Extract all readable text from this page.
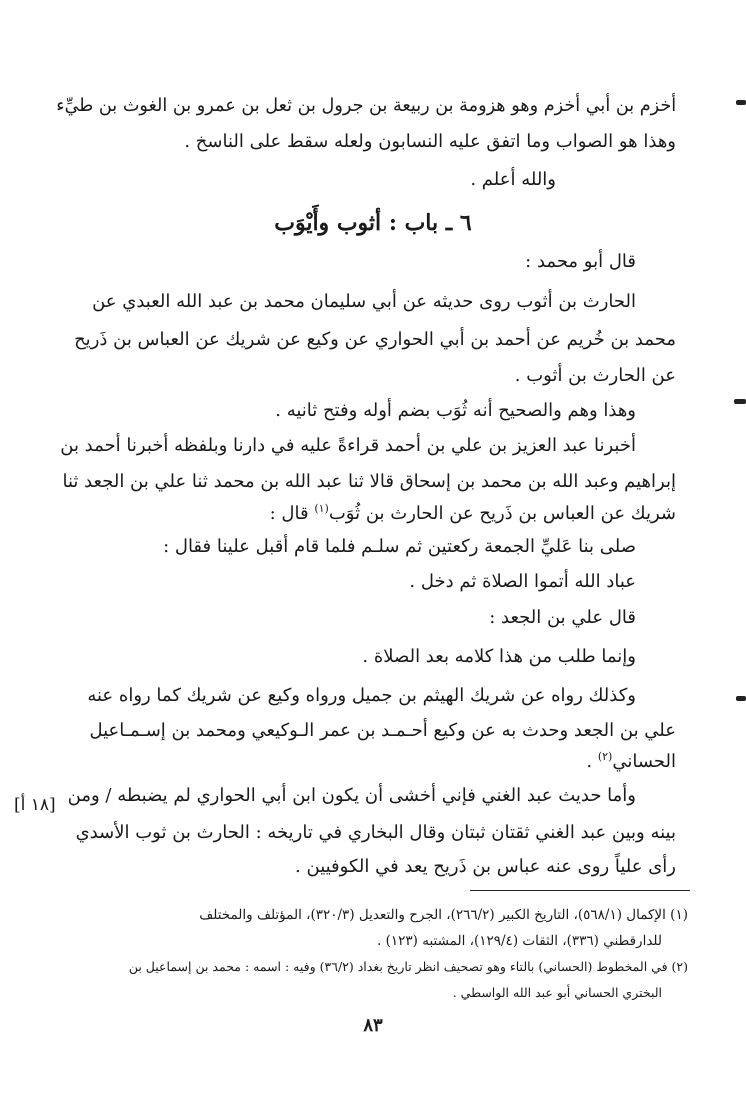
أخزم بن أبي أخزم وهو هزومة بن ربيعة بن جرول بن ثعل بن عمرو بن الغوث بن طيِّء
وهذا هو الصواب وما اتفق عليه النسابون ولعله سقط على الناسخ .
والله أعلم .
٦ ـ باب : أثوب وأَيْوَب
قال أبو محمد :
الحارث بن أثوب روى حديثه عن أبي سليمان محمد بن عبد الله العبدي عن
محمد بن خُريم عن أحمد بن أبي الحواري عن وكيع عن شريك عن العباس بن ذَريح
عن الحارث بن أثوب .
وهذا وهم والصحيح أنه ثُوَب بضم أوله وفتح ثانيه .
أخبرنا عبد العزيز بن علي بن أحمد قراءةً عليه في دارنا وبلفظه أخبرنا أحمد بن
إبراهيم وعبد الله بن محمد بن إسحاق قالا ثنا عبد الله بن محمد ثنا علي بن الجعد ثنا
شريك عن العباس بن ذَريح عن الحارث بن ثُوَب$^{(١)}$ قال :
صلى بنا عَليِّ الجمعة ركعتين ثم سلـم فلما قام أقبل علينا فقال :
عباد الله أتموا الصلاة ثم دخل .
قال علي بن الجعد :
وإنما طلب من هذا كلامه بعد الصلاة .
وكذلك رواه عن شريك الهيثم بن جميل ورواه وكيع عن شريك كما رواه عنه
علي بن الجعد وحدث به عن وكيع أحـمـد بن عمر الـوكيعي ومحمد بن إسـمـاعيل
الحساني$^{(٢)}$ .
وأما حديث عبد الغني فإني أخشى أن يكون ابن أبي الحواري لم يضبطه / ومن
بينه وبين عبد الغني ثقتان ثبتان وقال البخاري في تاريخه : الحارث بن ثوب الأسدي
رأى علياً روى عنه عباس بن ذَريح يعد في الكوفيين .
[١٨ أ]
(١) الإكمال (٥٦٨/١)، التاريخ الكبير (٢٦٦/٢)، الجرح والتعديل (٣٢٠/٣)، المؤتلف والمختلف
للدارقطني (٣٣٦)، الثقات (١٢٩/٤)، المشتبه (١٢٣) .
(٢) في المخطوط (الحساني) بالتاء وهو تصحيف انظر تاريخ بغداد (٣٦/٢) وفيه : اسمه : محمد بن إسماعيل بن
البختري الحساني أبو عبد الله الواسطي .
٨٣
